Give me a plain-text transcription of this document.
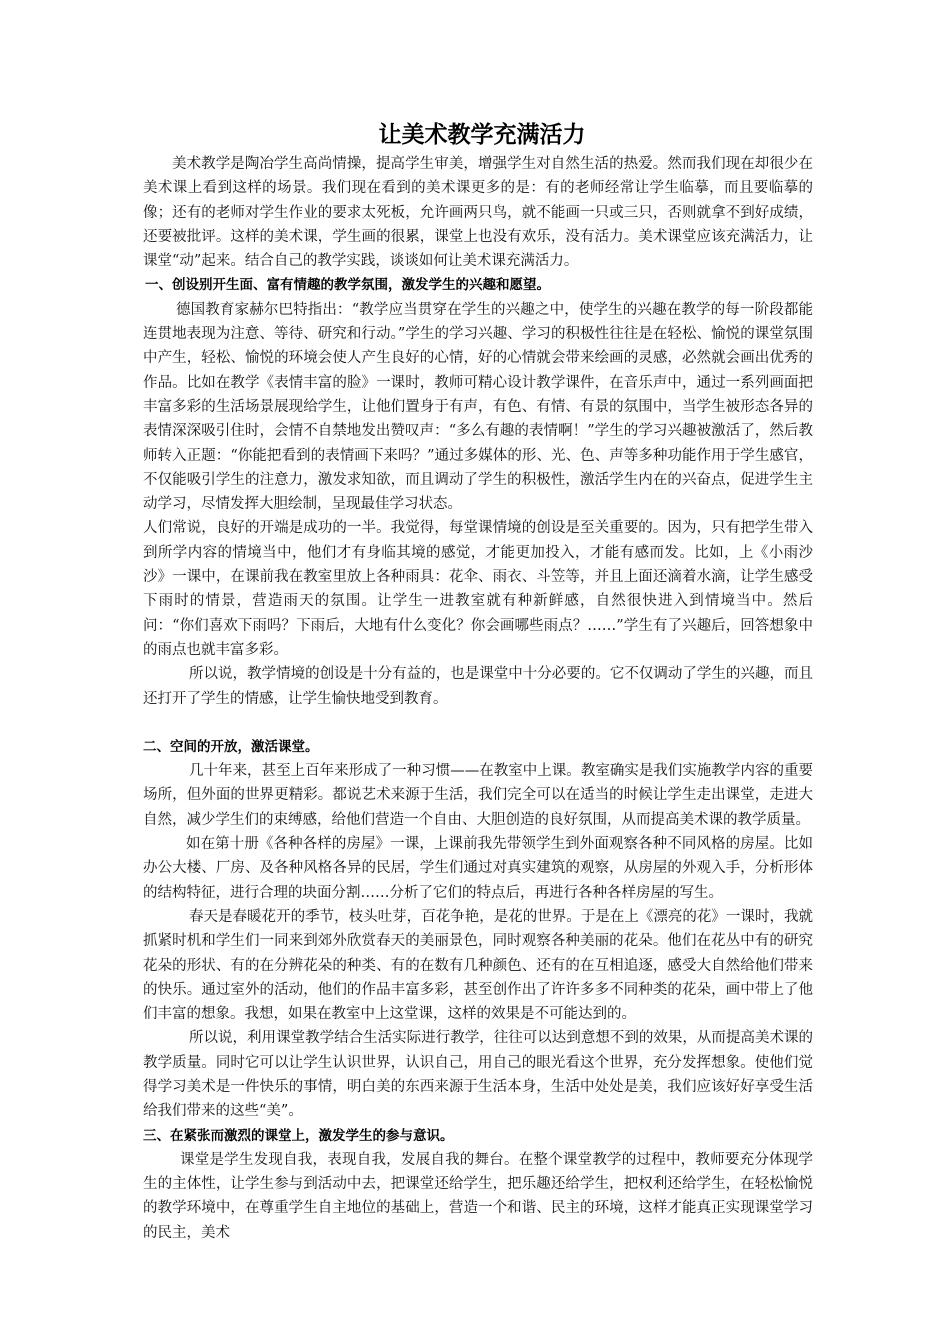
让美术教学充满活力

美术教学是陶冶学生高尚情操，提高学生审美，增强学生对自然生活的热爱。然而我们现在却很少在美术课上看到这样的场景。我们现在看到的美术课更多的是：有的老师经常让学生临摹，而且要临摹的像；还有的老师对学生作业的要求太死板，允许画两只鸟，就不能画一只或三只，否则就拿不到好成绩，还要被批评。这样的美术课，学生画的很累，课堂上也没有欢乐，没有活力。美术课堂应该充满活力，让课堂“动”起来。结合自己的教学实践，谈谈如何让美术课充满活力。

一、创设别开生面、富有情趣的教学氛围，激发学生的兴趣和愿望。

德国教育家赫尔巴特指出：“教学应当贯穿在学生的兴趣之中，使学生的兴趣在教学的每一阶段都能连贯地表现为注意、等待、研究和行动。”学生的学习兴趣、学习的积极性往往是在轻松、愉悦的课堂氛围中产生，轻松、愉悦的环境会使人产生良好的心情，好的心情就会带来绘画的灵感，必然就会画出优秀的作品。比如在教学《表情丰富的脸》一课时，教师可精心设计教学课件，在音乐声中，通过一系列画面把丰富多彩的生活场景展现给学生，让他们置身于有声，有色、有情、有景的氛围中，当学生被形态各异的表情深深吸引住时，会情不自禁地发出赞叹声：“多么有趣的表情啊！”学生的学习兴趣被激活了，然后教师转入正题：“你能把看到的表情画下来吗？”通过多媒体的形、光、色、声等多种功能作用于学生感官，不仅能吸引学生的注意力，激发求知欲，而且调动了学生的积极性，激活学生内在的兴奋点，促进学生主动学习，尽情发挥大胆绘制，呈现最佳学习状态。

人们常说，良好的开端是成功的一半。我觉得，每堂课情境的创设是至关重要的。因为，只有把学生带入到所学内容的情境当中，他们才有身临其境的感觉，才能更加投入，才能有感而发。比如，上《小雨沙沙》一课中，在课前我在教室里放上各种雨具：花伞、雨衣、斗笠等，并且上面还滴着水滴，让学生感受下雨时的情景，营造雨天的氛围。让学生一进教室就有种新鲜感，自然很快进入到情境当中。然后问：“你们喜欢下雨吗？下雨后，大地有什么变化？你会画哪些雨点？……”学生有了兴趣后，回答想象中的雨点也就丰富多彩。

所以说，教学情境的创设是十分有益的，也是课堂中十分必要的。它不仅调动了学生的兴趣，而且还打开了学生的情感，让学生愉快地受到教育。

二、空间的开放，激活课堂。

几十年来，甚至上百年来形成了一种习惯——在教室中上课。教室确实是我们实施教学内容的重要场所，但外面的世界更精彩。都说艺术来源于生活，我们完全可以在适当的时候让学生走出课堂，走进大自然，减少学生们的束缚感，给他们营造一个自由、大胆创造的良好氛围，从而提高美术课的教学质量。

如在第十册《各种各样的房屋》一课，上课前我先带领学生到外面观察各种不同风格的房屋。比如办公大楼、厂房、及各种风格各异的民居，学生们通过对真实建筑的观察，从房屋的外观入手，分析形体的结构特征，进行合理的块面分割……分析了它们的特点后，再进行各种各样房屋的写生。

春天是春暖花开的季节，枝头吐芽，百花争艳，是花的世界。于是在上《漂亮的花》一课时，我就抓紧时机和学生们一同来到郊外欣赏春天的美丽景色，同时观察各种美丽的花朵。他们在花丛中有的研究花朵的形状、有的在分辨花朵的种类、有的在数有几种颜色、还有的在互相追逐，感受大自然给他们带来的快乐。通过室外的活动，他们的作品丰富多彩，甚至创作出了许许多多不同种类的花朵，画中带上了他们丰富的想象。我想，如果在教室中上这堂课，这样的效果是不可能达到的。

所以说，利用课堂教学结合生活实际进行教学，往往可以达到意想不到的效果，从而提高美术课的教学质量。同时它可以让学生认识世界，认识自己，用自己的眼光看这个世界，充分发挥想象。使他们觉得学习美术是一件快乐的事情，明白美的东西来源于生活本身，生活中处处是美，我们应该好好享受生活给我们带来的这些“美”。

三、在紧张而激烈的课堂上，激发学生的参与意识。

课堂是学生发现自我，表现自我，发展自我的舞台。在整个课堂教学的过程中，教师要充分体现学生的主体性，让学生参与到活动中去，把课堂还给学生，把乐趣还给学生，把权利还给学生，在轻松愉悦的教学环境中，在尊重学生自主地位的基础上，营造一个和谐、民主的环境，这样才能真正实现课堂学习的民主，美术
